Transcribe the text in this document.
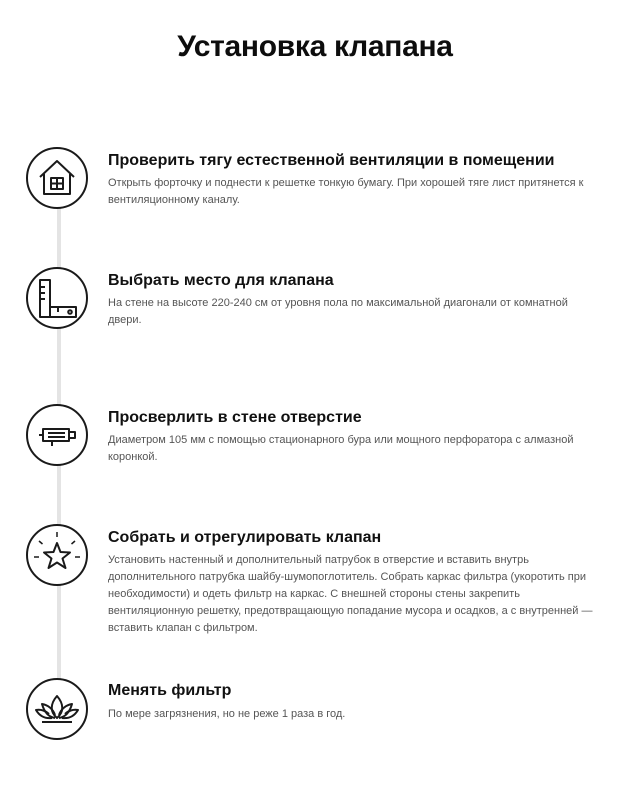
Установка клапана
Проверить тягу естественной вентиляции в помещении
Открыть форточку и поднести к решетке тонкую бумагу. При хорошей тяге лист притянется к вентиляционному каналу.
Выбрать место для клапана
На стене на высоте 220-240 см от уровня пола по максимальной диагонали от комнатной двери.
Просверлить в стене отверстие
Диаметром 105 мм с помощью стационарного бура или мощного перфоратора с алмазной коронкой.
Собрать и отрегулировать клапан
Установить настенный и дополнительный патрубок в отверстие и вставить внутрь дополнительного патрубка шайбу-шумопоглотитель. Собрать каркас фильтра (укоротить при необходимости) и одеть фильтр на каркас. С внешней стороны стены закрепить вентиляционную решетку, предотвращающую попадание мусора и осадков, а с внутренней — вставить клапан с фильтром.
Менять фильтр
По мере загрязнения, но не реже 1 раза в год.
